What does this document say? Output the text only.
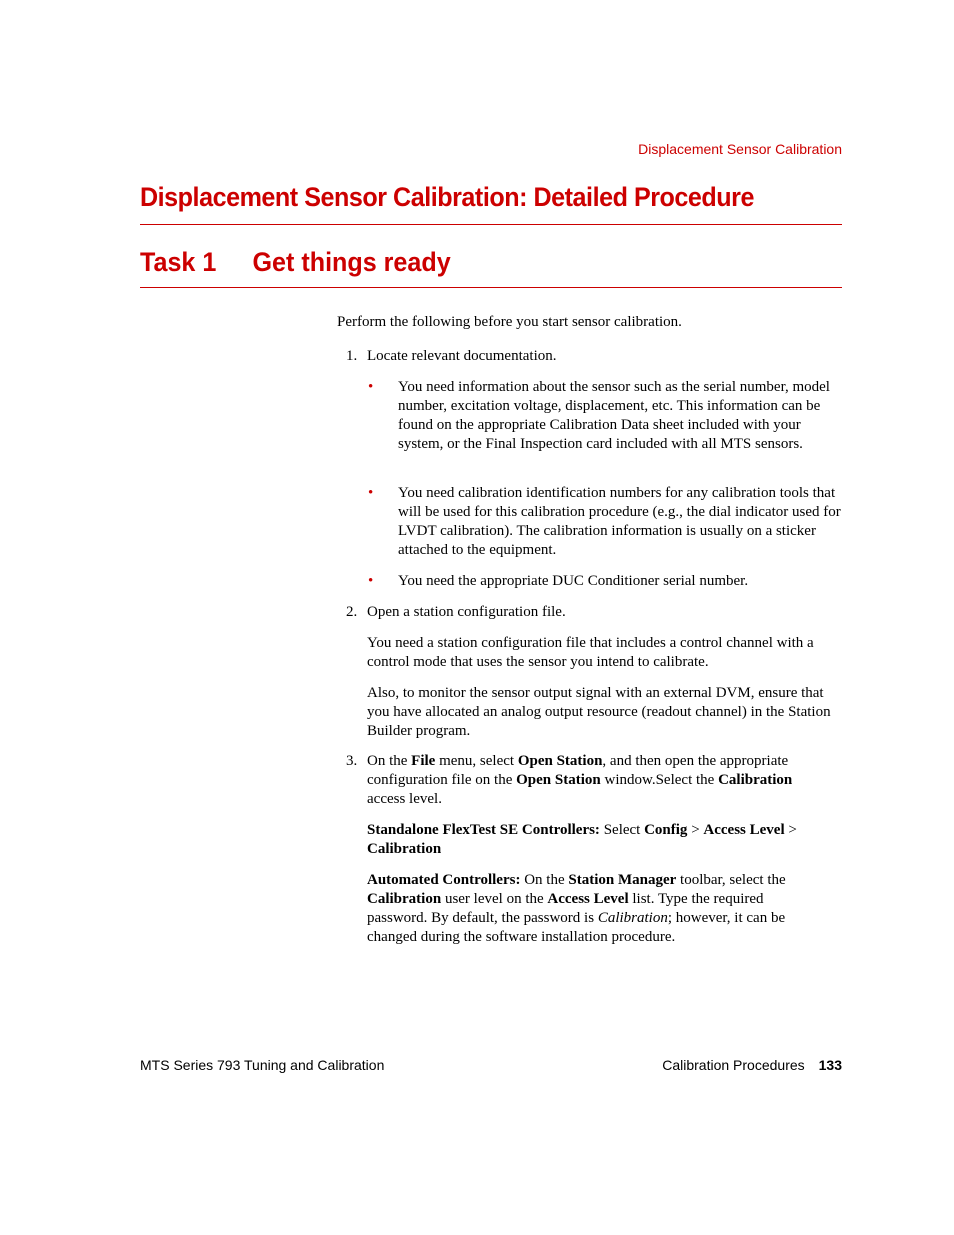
Displacement Sensor Calibration
Displacement Sensor Calibration: Detailed Procedure
Task 1 Get things ready
Perform the following before you start sensor calibration.
1. Locate relevant documentation.
• You need information about the sensor such as the serial number, model number, excitation voltage, displacement, etc. This information can be found on the appropriate Calibration Data sheet included with your system, or the Final Inspection card included with all MTS sensors.
• You need calibration identification numbers for any calibration tools that will be used for this calibration procedure (e.g., the dial indicator used for LVDT calibration). The calibration information is usually on a sticker attached to the equipment.
• You need the appropriate DUC Conditioner serial number.
2. Open a station configuration file.
You need a station configuration file that includes a control channel with a control mode that uses the sensor you intend to calibrate.
Also, to monitor the sensor output signal with an external DVM, ensure that you have allocated an analog output resource (readout channel) in the Station Builder program.
3. On the File menu, select Open Station, and then open the appropriate configuration file on the Open Station window.Select the Calibration access level.
Standalone FlexTest SE Controllers: Select Config > Access Level >
Calibration
Automated Controllers: On the Station Manager toolbar, select the Calibration user level on the Access Level list. Type the required password. By default, the password is Calibration; however, it can be changed during the software installation procedure.
MTS Series 793 Tuning and Calibration	Calibration Procedures 133
